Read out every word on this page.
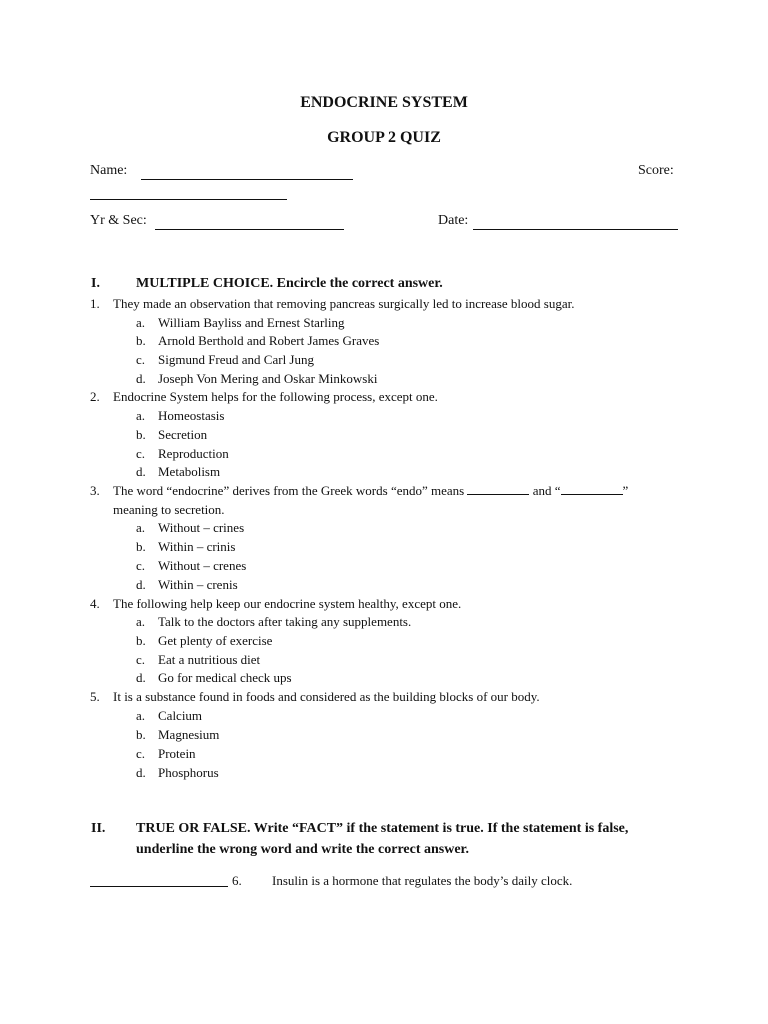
ENDOCRINE SYSTEM
GROUP 2 QUIZ
Name:	Score:
Yr & Sec:	Date:
I.	MULTIPLE CHOICE. Encircle the correct answer.
1. They made an observation that removing pancreas surgically led to increase blood sugar.
a. William Bayliss and Ernest Starling
b. Arnold Berthold and Robert James Graves
c. Sigmund Freud and Carl Jung
d. Joseph Von Mering and Oskar Minkowski
2. Endocrine System helps for the following process, except one.
a. Homeostasis
b. Secretion
c. Reproduction
d. Metabolism
3. The word “endocrine” derives from the Greek words “endo” means	and “	”
meaning to secretion.
a. Without – crines
b. Within – crinis
c. Without – crenes
d. Within – crenis
4. The following help keep our endocrine system healthy, except one.
a. Talk to the doctors after taking any supplements.
b. Get plenty of exercise
c. Eat a nutritious diet
d. Go for medical check ups
5. It is a substance found in foods and considered as the building blocks of our body.
a. Calcium
b. Magnesium
c. Protein
d. Phosphorus
II. TRUE OR FALSE. Write “FACT” if the statement is true. If the statement is false,
underline the wrong word and write the correct answer.
6. Insulin is a hormone that regulates the body’s daily clock.
